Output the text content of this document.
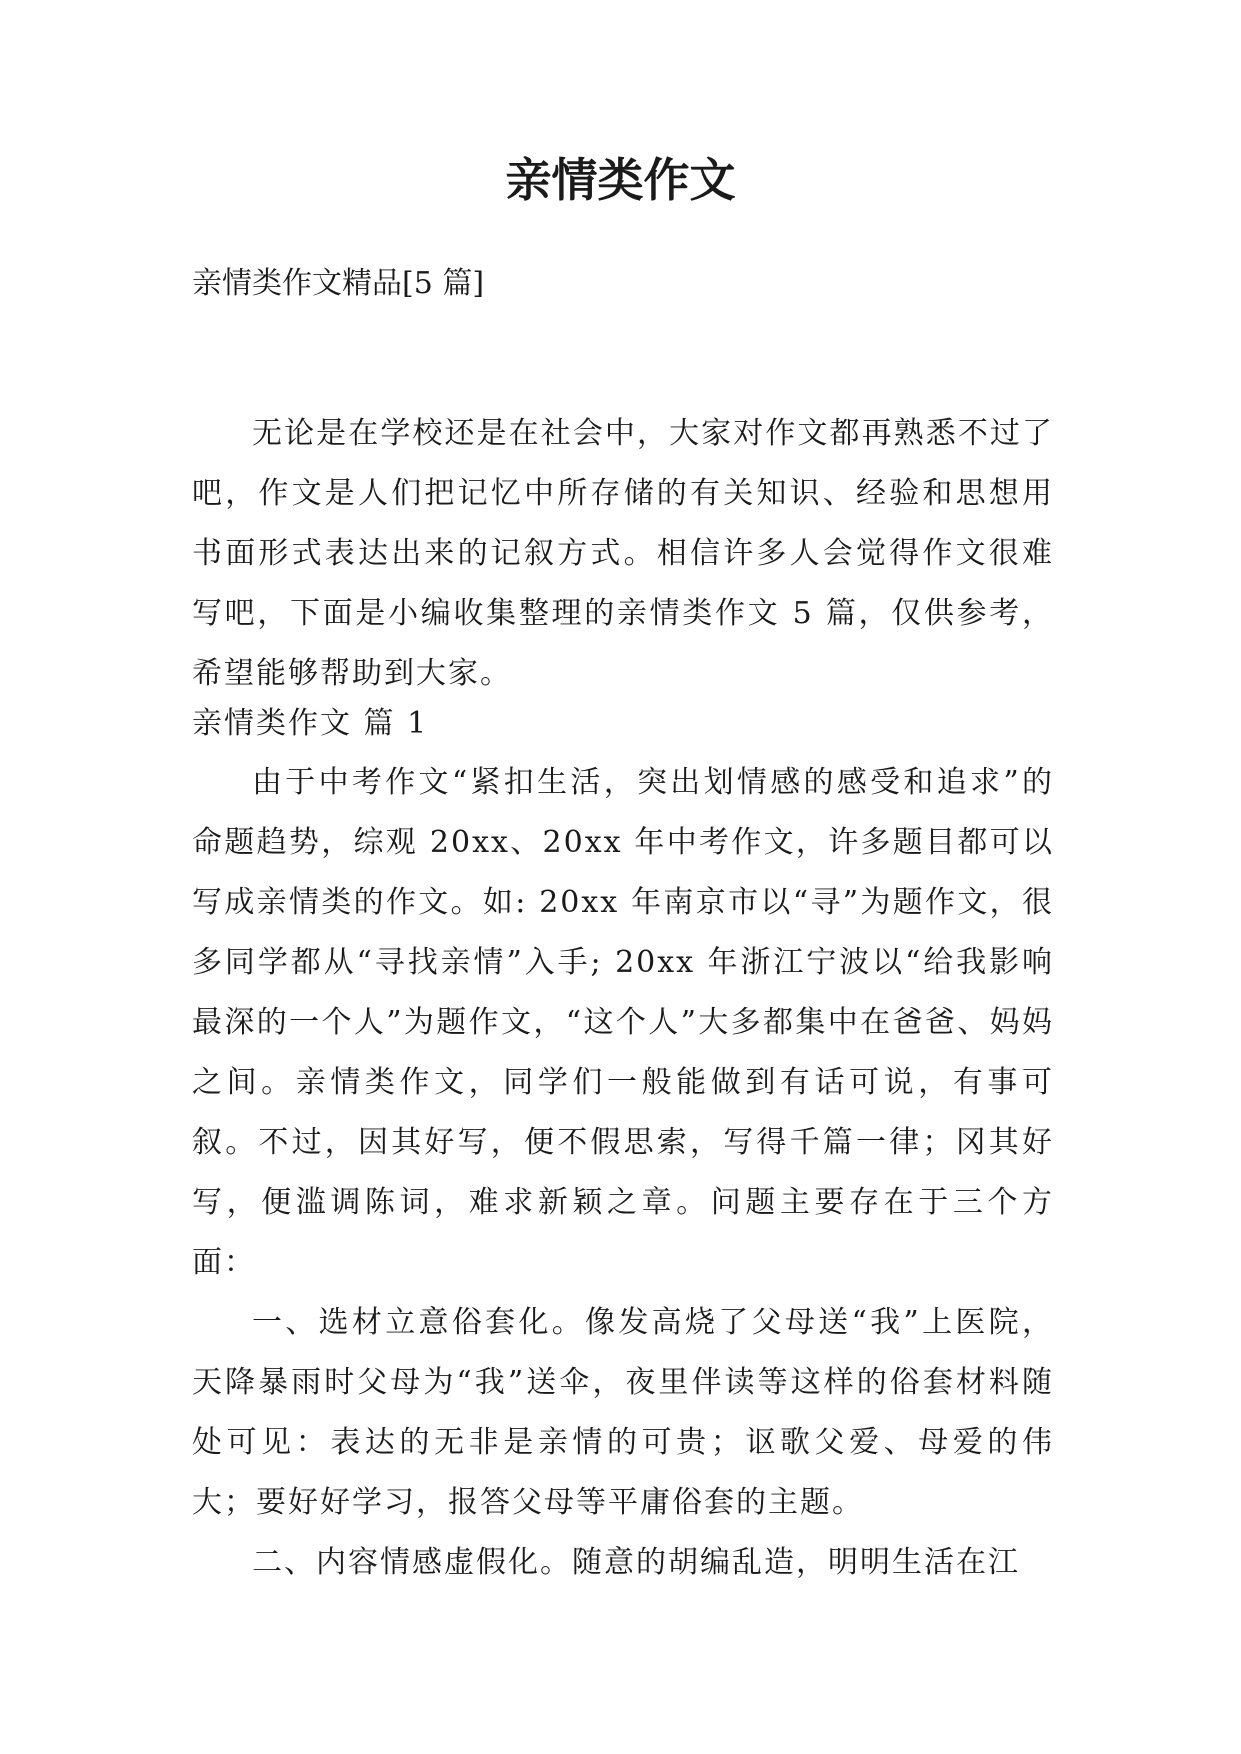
亲情类作文

亲情类作文精品[5 篇]

无论是在学校还是在社会中，大家对作文都再熟悉不过了吧，作文是人们把记忆中所存储的有关知识、经验和思想用书面形式表达出来的记叙方式。相信许多人会觉得作文很难写吧，下面是小编收集整理的亲情类作文 5 篇，仅供参考，希望能够帮助到大家。

亲情类作文 篇 1

由于中考作文“紧扣生活，突出划情感的感受和追求”的命题趋势，综观 20xx、20xx 年中考作文，许多题目都可以写成亲情类的作文。如: 20xx 年南京市以“寻”为题作文，很多同学都从“寻找亲情”入手; 20xx 年浙江宁波以“给我影响最深的一个人”为题作文，“这个人”大多都集中在爸爸、妈妈之间。亲情类作文，同学们一般能做到有话可说，有事可叙。不过，因其好写，便不假思索，写得千篇一律；冈其好写，便滥调陈词，难求新颖之章。问题主要存在于三个方面：

一、选材立意俗套化。像发高烧了父母送“我”上医院，天降暴雨时父母为“我”送伞，夜里伴读等这样的俗套材料随处可见：表达的无非是亲情的可贵；讴歌父爱、母爱的伟大；要好好学习，报答父母等平庸俗套的主题。

二、内容情感虚假化。随意的胡编乱造，明明生活在江
